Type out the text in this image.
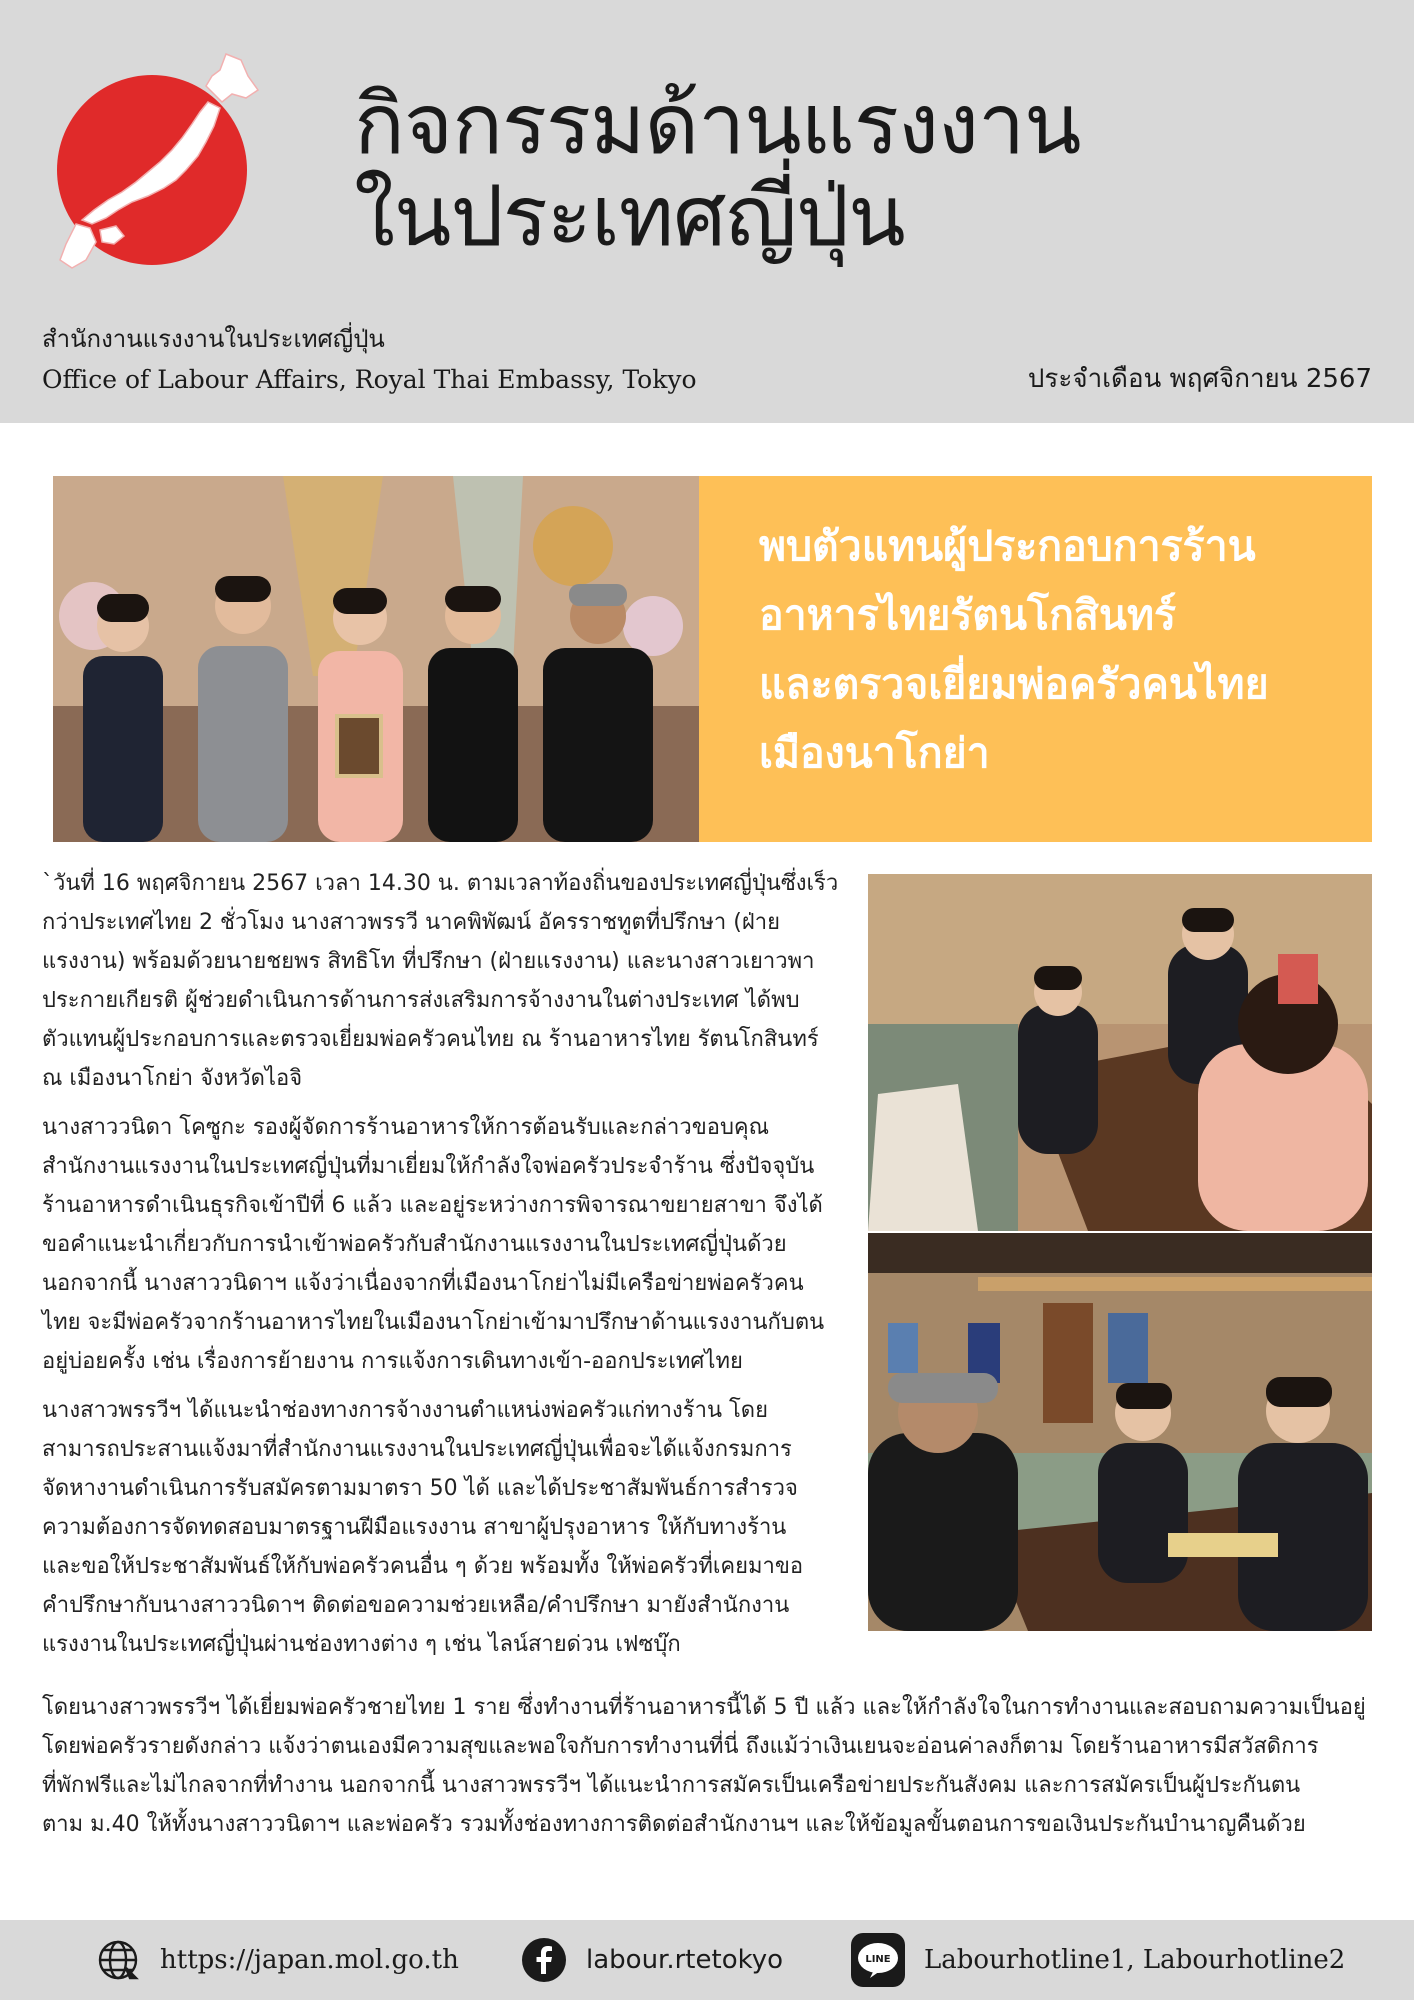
กิจกรรมด้านแรงงาน
ในประเทศญี่ปุ่น
สำนักงานแรงงานในประเทศญี่ปุ่น
Office of Labour Affairs, Royal Thai Embassy, Tokyo	ประจำเดือน พฤศจิกายน 2567
พบตัวแทนผู้ประกอบการร้าน
อาหารไทยรัตนโกสินทร์
และตรวจเยี่ยมพ่อครัวคนไทย
เมืองนาโกย่า

`วันที่ 16 พฤศจิกายน 2567 เวลา 14.30 น. ตามเวลาท้องถิ่นของประเทศญี่ปุ่นซึ่งเร็ว
กว่าประเทศไทย 2 ชั่วโมง นางสาวพรรวี นาคพิพัฒน์ อัครราชทูตที่ปรึกษา (ฝ่าย
แรงงาน) พร้อมด้วยนายชยพร สิทธิโท ที่ปรึกษา (ฝ่ายแรงงาน) และนางสาวเยาวพา
ประกายเกียรติ ผู้ช่วยดำเนินการด้านการส่งเสริมการจ้างงานในต่างประเทศ ได้พบ
ตัวแทนผู้ประกอบการและตรวจเยี่ยมพ่อครัวคนไทย ณ ร้านอาหารไทย รัตนโกสินทร์
ณ เมืองนาโกย่า จังหวัดไอจิ

นางสาววนิดา โคซูกะ รองผู้จัดการร้านอาหารให้การต้อนรับและกล่าวขอบคุณ
สำนักงานแรงงานในประเทศญี่ปุ่นที่มาเยี่ยมให้กำลังใจพ่อครัวประจำร้าน ซึ่งปัจจุบัน
ร้านอาหารดำเนินธุรกิจเข้าปีที่ 6 แล้ว และอยู่ระหว่างการพิจารณาขยายสาขา จึงได้
ขอคำแนะนำเกี่ยวกับการนำเข้าพ่อครัวกับสำนักงานแรงงานในประเทศญี่ปุ่นด้วย
นอกจากนี้ นางสาววนิดาฯ แจ้งว่าเนื่องจากที่เมืองนาโกย่าไม่มีเครือข่ายพ่อครัวคน
ไทย จะมีพ่อครัวจากร้านอาหารไทยในเมืองนาโกย่าเข้ามาปรึกษาด้านแรงงานกับตน
อยู่บ่อยครั้ง เช่น เรื่องการย้ายงาน การแจ้งการเดินทางเข้า-ออกประเทศไทย

นางสาวพรรวีฯ ได้แนะนำช่องทางการจ้างงานตำแหน่งพ่อครัวแก่ทางร้าน โดย
สามารถประสานแจ้งมาที่สำนักงานแรงงานในประเทศญี่ปุ่นเพื่อจะได้แจ้งกรมการ
จัดหางานดำเนินการรับสมัครตามมาตรา 50 ได้ และได้ประชาสัมพันธ์การสำรวจ
ความต้องการจัดทดสอบมาตรฐานฝีมือแรงงาน สาขาผู้ปรุงอาหาร ให้กับทางร้าน
และขอให้ประชาสัมพันธ์ให้กับพ่อครัวคนอื่น ๆ ด้วย พร้อมทั้ง ให้พ่อครัวที่เคยมาขอ
คำปรึกษากับนางสาววนิดาฯ ติดต่อขอความช่วยเหลือ/คำปรึกษา มายังสำนักงาน
แรงงานในประเทศญี่ปุ่นผ่านช่องทางต่าง ๆ เช่น ไลน์สายด่วน เฟซบุ๊ก

โดยนางสาวพรรวีฯ ได้เยี่ยมพ่อครัวชายไทย 1 ราย ซึ่งทำงานที่ร้านอาหารนี้ได้ 5 ปี แล้ว และให้กำลังใจในการทำงานและสอบถามความเป็นอยู่
โดยพ่อครัวรายดังกล่าว แจ้งว่าตนเองมีความสุขและพอใจกับการทำงานที่นี่ ถึงแม้ว่าเงินเยนจะอ่อนค่าลงก็ตาม โดยร้านอาหารมีสวัสดิการ
ที่พักฟรีและไม่ไกลจากที่ทำงาน นอกจากนี้ นางสาวพรรวีฯ ได้แนะนำการสมัครเป็นเครือข่ายประกันสังคม และการสมัครเป็นผู้ประกันตน
ตาม ม.40 ให้ทั้งนางสาววนิดาฯ และพ่อครัว รวมทั้งช่องทางการติดต่อสำนักงานฯ และให้ข้อมูลขั้นตอนการขอเงินประกันบำนาญคืนด้วย
https://japan.mol.go.th	labour.rtetokyo	LINE Labourhotline1, Labourhotline2
